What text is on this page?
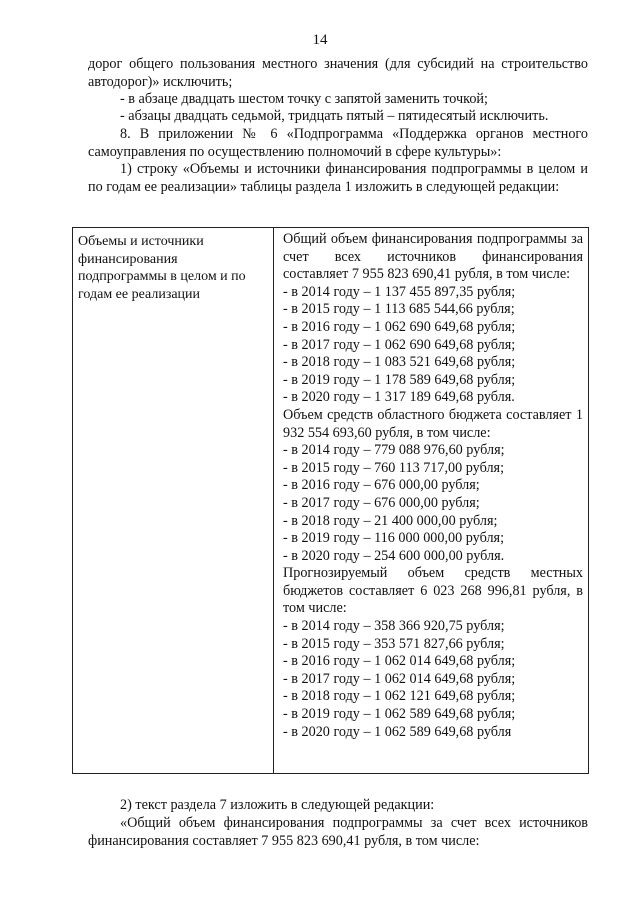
14

дорог общего пользования местного значения (для субсидий на строительство автодорог)» исключить;

- в абзаце двадцать шестом точку с запятой заменить точкой;

- абзацы двадцать седьмой, тридцать пятый – пятидесятый исключить.

8. В приложении № 6 «Подпрограмма «Поддержка органов местного самоуправления по осуществлению полномочий в сфере культуры»:

1) строку «Объемы и источники финансирования подпрограммы в целом и по годам ее реализации» таблицы раздела 1 изложить в следующей редакции:

Объемы и источники финансирования подпрограммы в целом и по годам ее реализации

Общий объем финансирования подпрограммы за счет всех источников финансирования составляет 7 955 823 690,41 рубля, в том числе:

- в 2014 году – 1 137 455 897,35 рубля;
- в 2015 году – 1 113 685 544,66 рубля;
- в 2016 году – 1 062 690 649,68 рубля;
- в 2017 году – 1 062 690 649,68 рубля;
- в 2018 году – 1 083 521 649,68 рубля;
- в 2019 году – 1 178 589 649,68 рубля;
- в 2020 году – 1 317 189 649,68 рубля.

Объем средств областного бюджета составляет 1 932 554 693,60 рубля, в том числе:

- в 2014 году – 779 088 976,60 рубля;
- в 2015 году – 760 113 717,00 рубля;
- в 2016 году – 676 000,00 рубля;
- в 2017 году – 676 000,00 рубля;
- в 2018 году – 21 400 000,00 рубля;
- в 2019 году – 116 000 000,00 рубля;
- в 2020 году – 254 600 000,00 рубля.

Прогнозируемый объем средств местных бюджетов составляет 6 023 268 996,81 рубля, в том числе:

- в 2014 году – 358 366 920,75 рубля;
- в 2015 году – 353 571 827,66 рубля;
- в 2016 году – 1 062 014 649,68 рубля;
- в 2017 году – 1 062 014 649,68 рубля;
- в 2018 году – 1 062 121 649,68 рубля;
- в 2019 году – 1 062 589 649,68 рубля;
- в 2020 году – 1 062 589 649,68 рубля

2) текст раздела 7 изложить в следующей редакции:

«Общий объем финансирования подпрограммы за счет всех источников финансирования составляет 7 955 823 690,41 рубля, в том числе:
